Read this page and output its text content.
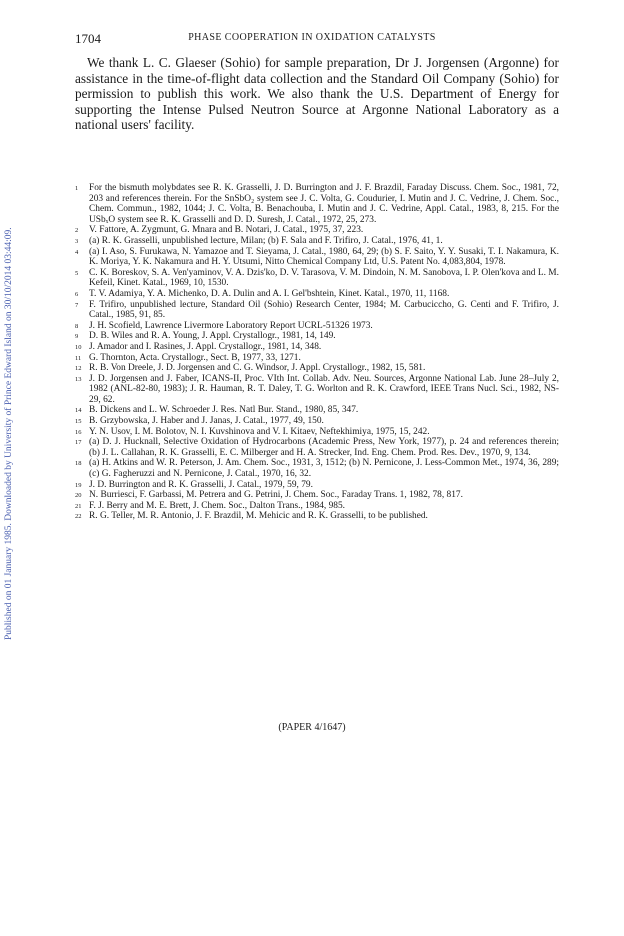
1704	PHASE COOPERATION IN OXIDATION CATALYSTS
Published on 01 January 1985. Downloaded by University of Prince Edward Island on 30/10/2014 03:44:09.

We thank L. C. Glaeser (Sohio) for sample preparation, Dr J. Jorgensen (Argonne) for assistance in the time-of-flight data collection and the Standard Oil Company (Sohio) for permission to publish this work. We also thank the U.S. Department of Energy for supporting the Intense Pulsed Neutron Source at Argonne National Laboratory as a national users' facility.

1 For the bismuth molybdates see R. K. Grasselli, J. D. Burrington and J. F. Brazdil, Faraday Discuss. Chem. Soc., 1981, 72, 203 and references therein. For the SnSbO₂ system see J. C. Volta, G. Coudurier, I. Mutin and J. C. Vedrine, J. Chem. Soc., Chem. Commun., 1982, 1044; J. C. Volta, B. Benachouba, I. Mutin and J. C. Vedrine, Appl. Catal., 1983, 8, 215. For the USbₓO system see R. K. Grasselli and D. D. Suresh, J. Catal., 1972, 25, 273.
2 V. Fattore, A. Zygmunt, G. Mnara and B. Notari, J. Catal., 1975, 37, 223.
3 (a) R. K. Grasselli, unpublished lecture, Milan; (b) F. Sala and F. Trifiro, J. Catal., 1976, 41, 1.
4 (a) I. Aso, S. Furukawa, N. Yamazoe and T. Sieyama, J. Catal., 1980, 64, 29; (b) S. F. Saito, Y. Y. Susaki, T. I. Nakamura, K. K. Moriya, Y. K. Nakamura and H. Y. Utsumi, Nitto Chemical Company Ltd, U.S. Patent No. 4,083,804, 1978.
5 C. K. Boreskov, S. A. Ven'yaminov, V. A. Dzis'ko, D. V. Tarasova, V. M. Dindoin, N. M. Sanobova, I. P. Olen'kova and L. M. Kefeil, Kinet. Katal., 1969, 10, 1530.
6 T. V. Adamiya, Y. A. Michenko, D. A. Dulin and A. I. Gel'bshtein, Kinet. Katal., 1970, 11, 1168.
7 F. Trifiro, unpublished lecture, Standard Oil (Sohio) Research Center, 1984; M. Carbuciccho, G. Centi and F. Trifiro, J. Catal., 1985, 91, 85.
8 J. H. Scofield, Lawrence Livermore Laboratory Report UCRL-51326 1973.
9 D. B. Wiles and R. A. Young, J. Appl. Crystallogr., 1981, 14, 149.
10 J. Amador and I. Rasines, J. Appl. Crystallogr., 1981, 14, 348.
11 G. Thornton, Acta. Crystallogr., Sect. B, 1977, 33, 1271.
12 R. B. Von Dreele, J. D. Jorgensen and C. G. Windsor, J. Appl. Crystallogr., 1982, 15, 581.
13 J. D. Jorgensen and J. Faber, ICANS-II, Proc. VIth Int. Collab. Adv. Neu. Sources, Argonne National Lab. June 28–July 2, 1982 (ANL-82-80, 1983); J. R. Hauman, R. T. Daley, T. G. Worlton and R. K. Crawford, IEEE Trans Nucl. Sci., 1982, NS-29, 62.
14 B. Dickens and L. W. Schroeder J. Res. Natl Bur. Stand., 1980, 85, 347.
15 B. Grzybowska, J. Haber and J. Janas, J. Catal., 1977, 49, 150.
16 Y. N. Usov, I. M. Bolotov, N. I. Kuvshinova and V. I. Kitaev, Neftekhimiya, 1975, 15, 242.
17 (a) D. J. Hucknall, Selective Oxidation of Hydrocarbons (Academic Press, New York, 1977), p. 24 and references therein; (b) J. L. Callahan, R. K. Grasselli, E. C. Milberger and H. A. Strecker, Ind. Eng. Chem. Prod. Res. Dev., 1970, 9, 134.
18 (a) H. Atkins and W. R. Peterson, J. Am. Chem. Soc., 1931, 3, 1512; (b) N. Pernicone, J. Less-Common Met., 1974, 36, 289; (c) G. Fagheruzzi and N. Pernicone, J. Catal., 1970, 16, 32.
19 J. D. Burrington and R. K. Grasselli, J. Catal., 1979, 59, 79.
20 N. Burriesci, F. Garbassi, M. Petrera and G. Petrini, J. Chem. Soc., Faraday Trans. 1, 1982, 78, 817.
21 F. J. Berry and M. E. Brett, J. Chem. Soc., Dalton Trans., 1984, 985.
22 R. G. Teller, M. R. Antonio, J. F. Brazdil, M. Mehicic and R. K. Grasselli, to be published.
(PAPER 4/1647)
